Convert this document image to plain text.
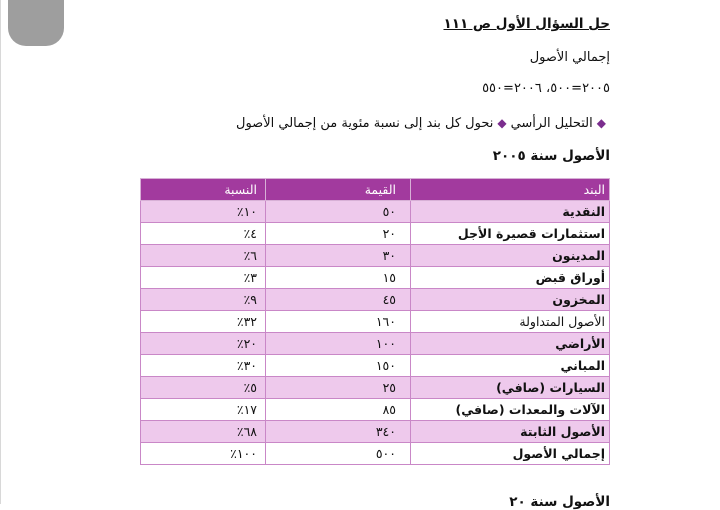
حل السؤال الأول ص ١١١
إجمالي الأصول
٢٠٠٥=٥٠٠، ٢٠٠٦=٥٥٠
◆التحليل الرأسي◆نحول كل بند إلى نسبة مئوية من إجمالي الأصول
الأصول سنة ٢٠٠٥
البند	القيمة	النسبة
النقدية	٥٠	١٠٪
استثمارات قصيرة الأجل	٢٠	٤٪
المدينون	٣٠	٦٪
أوراق قبض	١٥	٣٪
المخزون	٤٥	٩٪
الأصول المتداولة	١٦٠	٣٢٪
الأراضي	١٠٠	٢٠٪
المباني	١٥٠	٣٠٪
السيارات (صافي)	٢٥	٥٪
الآلات والمعدات (صافي)	٨٥	١٧٪
الأصول الثابتة	٣٤٠	٦٨٪
إجمالي الأصول	٥٠٠	١٠٠٪
الأصول سنة ٢٠
